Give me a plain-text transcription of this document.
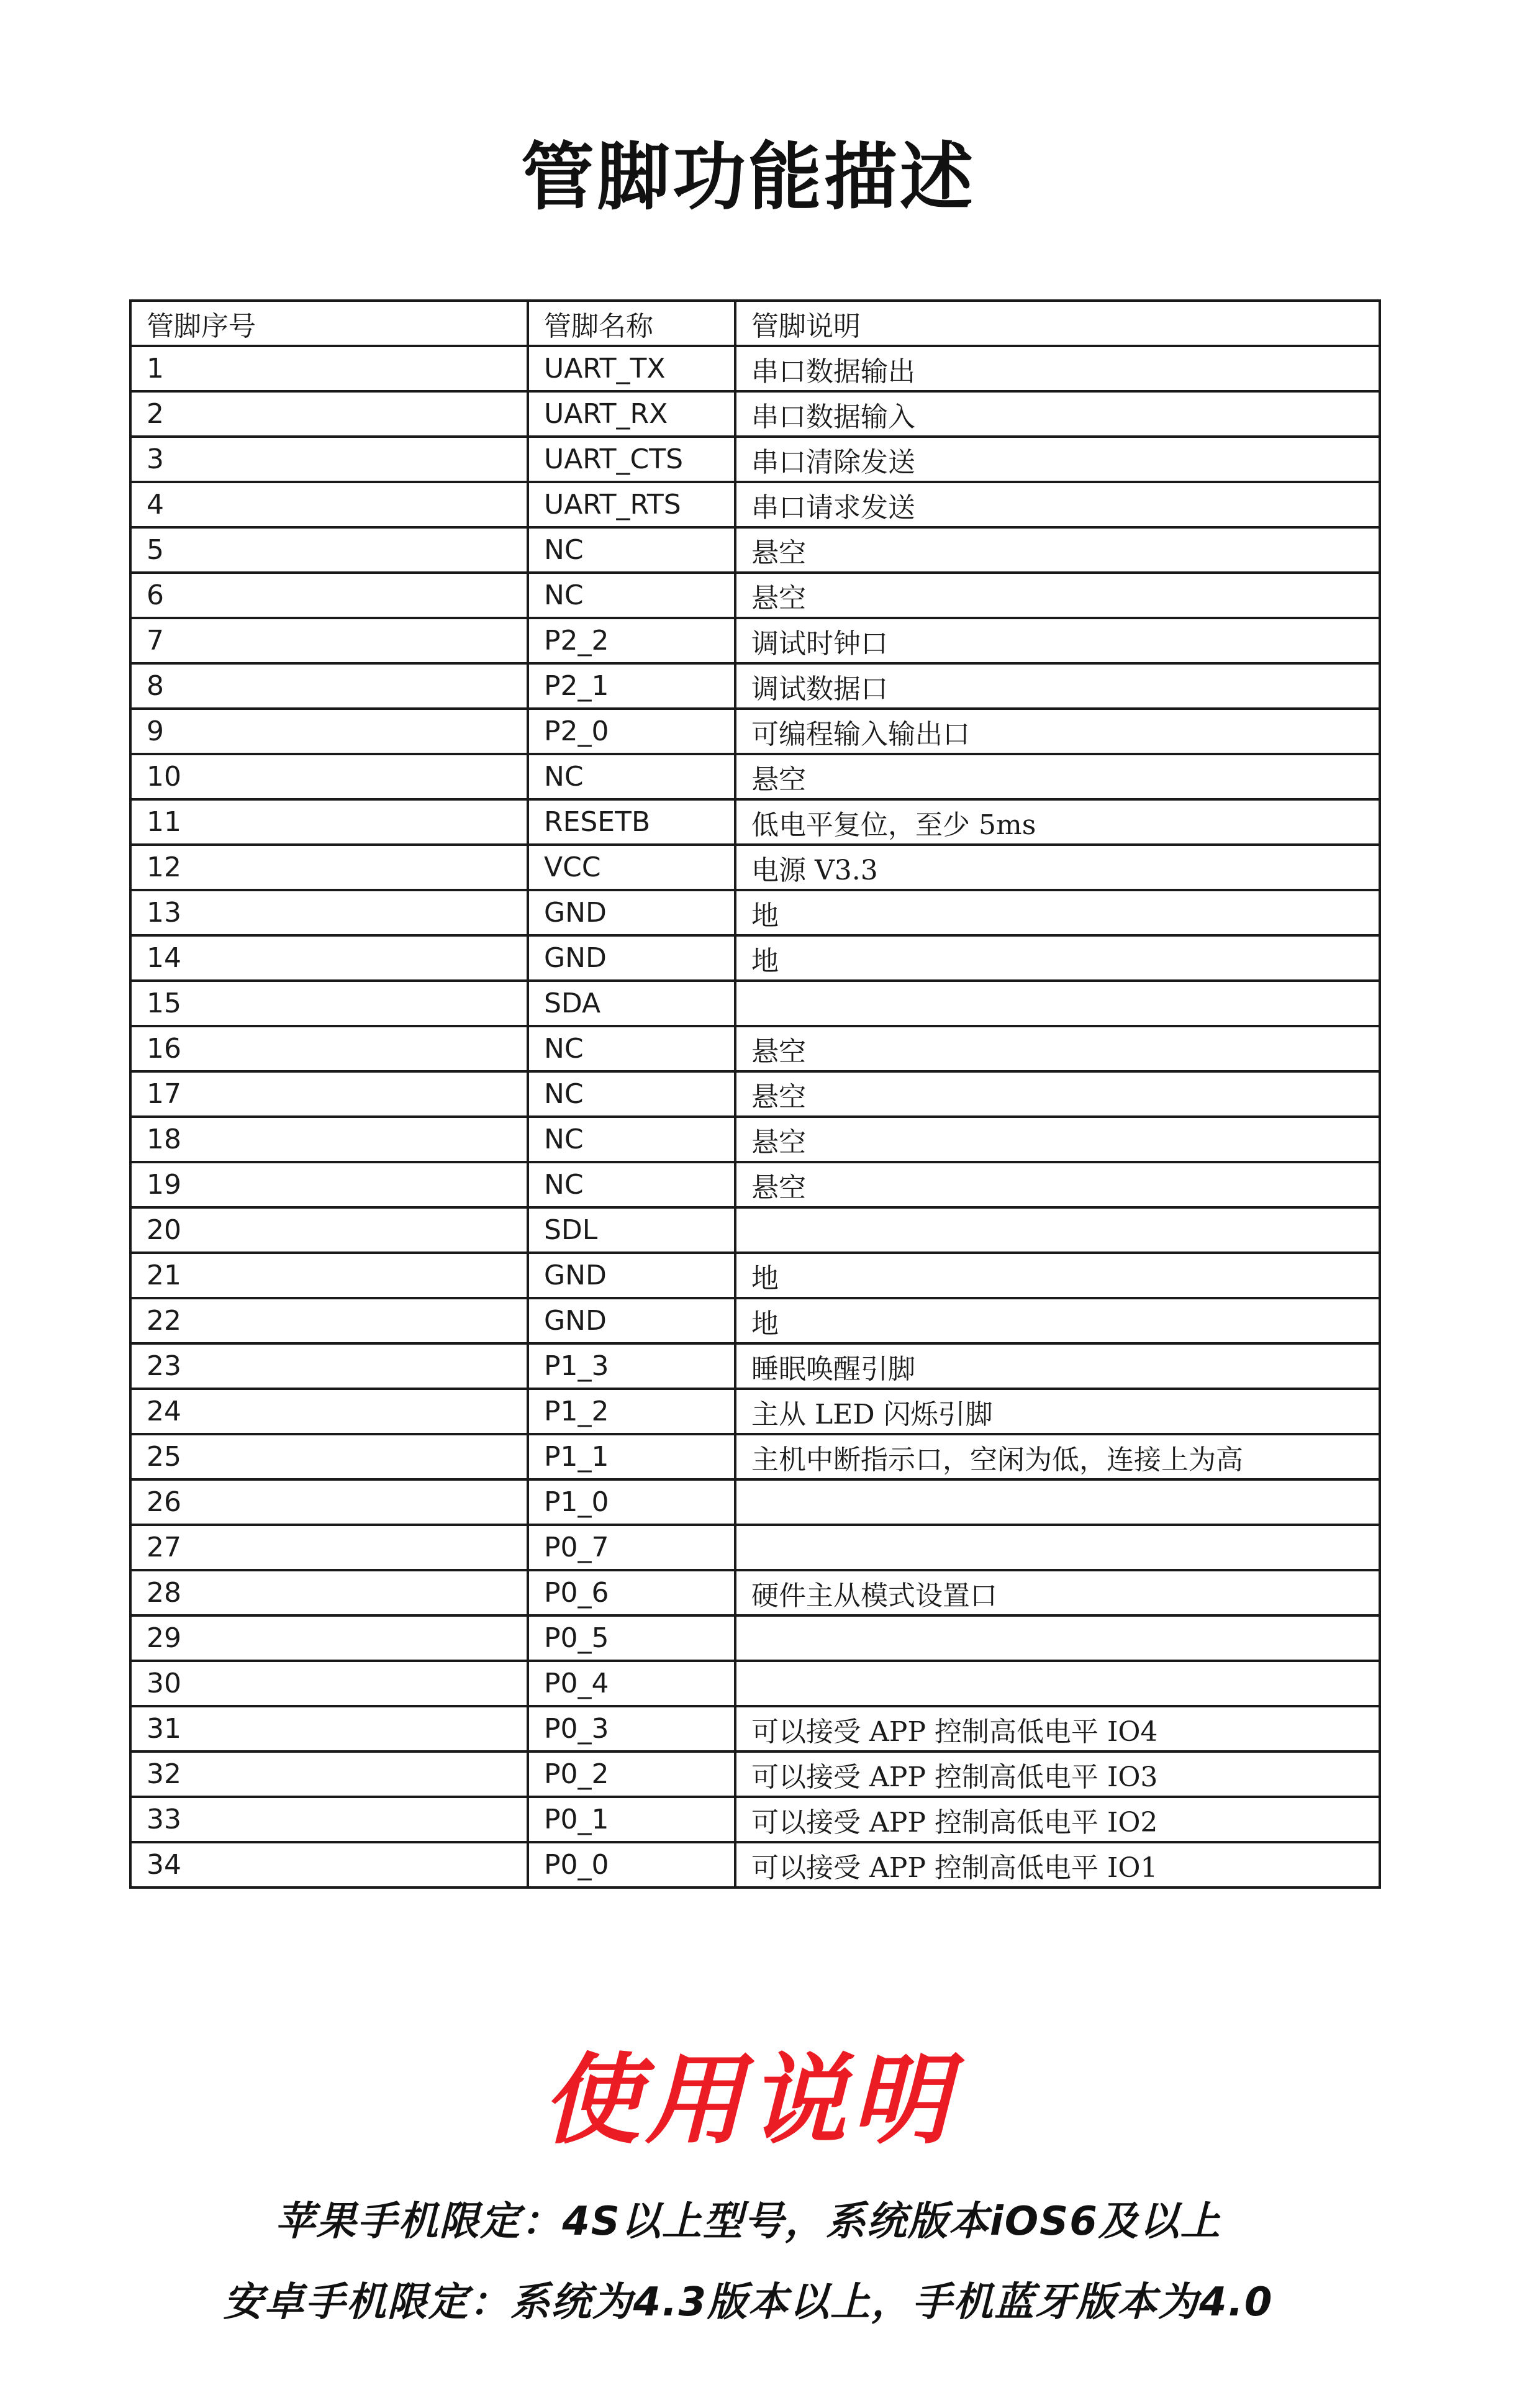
管脚功能描述
管脚序号	管脚名称	管脚说明
1	UART_TX	串口数据输出
2	UART_RX	串口数据输入
3	UART_CTS	串口清除发送
4	UART_RTS	串口请求发送
5	NC	悬空
6	NC	悬空
7	P2_2	调试时钟口
8	P2_1	调试数据口
9	P2_0	可编程输入输出口
10	NC	悬空
11	RESETB	低电平复位，至少 5ms
12	VCC	电源 V3.3
13	GND	地
14	GND	地
15	SDA	
16	NC	悬空
17	NC	悬空
18	NC	悬空
19	NC	悬空
20	SDL	
21	GND	地
22	GND	地
23	P1_3	睡眠唤醒引脚
24	P1_2	主从 LED 闪烁引脚
25	P1_1	主机中断指示口，空闲为低，连接上为高
26	P1_0	
27	P0_7	
28	P0_6	硬件主从模式设置口
29	P0_5	
30	P0_4	
31	P0_3	可以接受 APP 控制高低电平 IO4
32	P0_2	可以接受 APP 控制高低电平 IO3
33	P0_1	可以接受 APP 控制高低电平 IO2
34	P0_0	可以接受 APP 控制高低电平 IO1
使用说明
苹果手机限定：4S以上型号，系统版本iOS6及以上
安卓手机限定：系统为4.3版本以上，手机蓝牙版本为4.0
